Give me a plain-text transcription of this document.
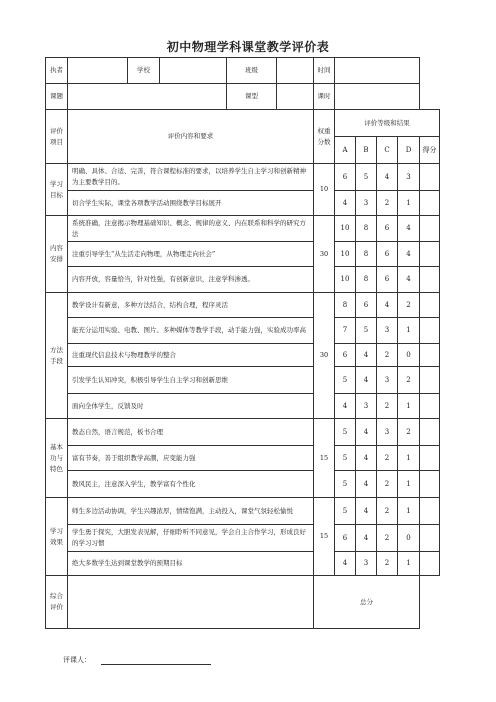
初中物理学科课堂教学评价表
执者		学校		班级		时间					
课题				课型		课时					
评价项目	评价内容和要求					权重分数	评价等级和结果				
							A	B	C	D	得分
学习目标	明确、具体、合适、完善，符合课程标准的要求，以培养学生自主学习和创新精神为主要教学目的。					10	6	5	4	3	
	切合学生实际，课堂各项教学活动围绕教学目标展开						4	3	2	1	
内容安排	系统准确，注意揭示物理基础知识、概念、规律的意义、内在联系和科学的研究方法					30	10	8	6	4	
	注重引导学生“从生活走向物理，从物理走向社会”						10	8	6	4	
	内容开放，容量恰当，针对性强，有创新意识，注意学科渗透。						10	8	6	4	
方法手段	教学设计有新意，多种方法结合，结构合理，程序灵活					30	8	6	4	2	
	能充分运用实验、电教、图片、多种媒体等教学手段，动手能力强，实验成功率高						7	5	3	1	
	注重现代信息技术与物理教学的整合						6	4	2	0	
	引发学生认知冲突，积极引导学生自主学习和创新思维						5	4	3	2	
	面向全体学生，反馈及时						4	3	2	1	
基本功与特色	教态自然，语言规范，板书合理					15	5	4	3	2	
	富有节奏，善于组织教学高潮，应变能力强						5	4	2	1	
	教风民主，注意深入学生，教学富有个性化						5	4	2	1	
学习效果	师生多边活动协调，学生兴趣浓厚，情绪饱满，主动投入，课堂气氛轻松愉悦					15	5	4	2	1	
	学生勇于探究，大胆发表见解，仔细聆听不同意见，学会自主合作学习，形成良好的学习习惯						6	4	2	0	
	绝大多数学生达到课堂教学的预期目标						4	3	2	1	
综合评价						总分					
评课人：
